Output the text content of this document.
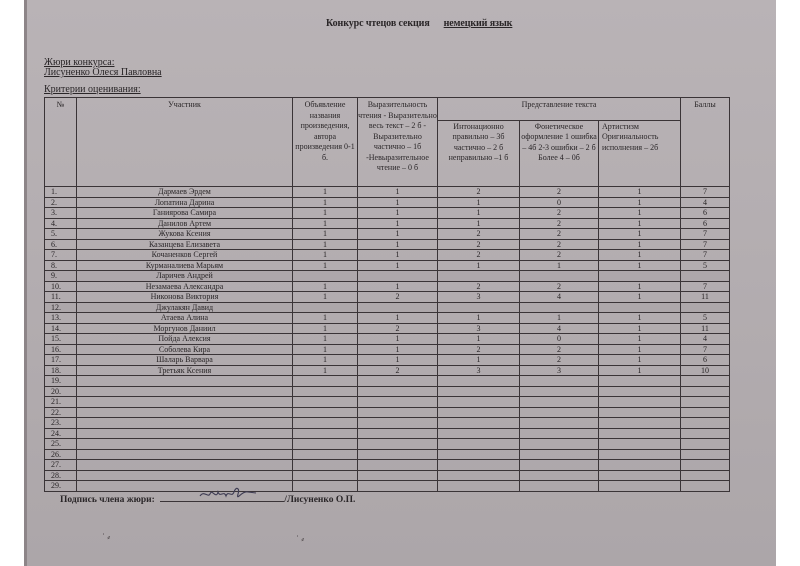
Конкурс чтецов секция немецкий язык
Жюри конкурса:
Лисуненко Олеся Павловна
Критерии оценивания:
№	Участник	Объявление названия произведения, автора произведения 0-1 б.	Выразительность чтения - Выразительно весь текст – 2 б - Выразительно частично – 1б -Невыразительное чтение – 0 б	Представление текста			Баллы
				Интонационно правильно – 3б частично – 2 б неправильно –1 б	Фонетическое оформление 1 ошибка – 4б 2-3 ошибки – 2 б Более 4 – 0б	Артистизм Оригинальность исполнения – 2б	
1.	Дармаев Эрдем	1	1	2	2	1	7
2.	Лопатина Дарина	1	1	1	0	1	4
3.	Ганиярова Самира	1	1	1	2	1	6
4.	Данилов Артем	1	1	1	2	1	6
5.	Жукова Ксения	1	1	2	2	1	7
6.	Казанцева Елизавета	1	1	2	2	1	7
7.	Кочаненков Сергей	1	1	2	2	1	7
8.	Курманалиева Марьям	1	1	1	1	1	5
9.	Ларичев Андрей						
10.	Незамаева Александра	1	1	2	2	1	7
11.	Никонова Виктория	1	2	3	4	1	11
12.	Джулакян Давид						
13.	Атаева Алина	1	1	1	1	1	5
14.	Моргунов Даниил	1	2	3	4	1	11
15.	Пойда Алексия	1	1	1	0	1	4
16.	Соболева Кира	1	1	2	2	1	7
17.	Шаларь Варвара	1	1	1	2	1	6
18.	Третьяк Ксения	1	2	3	3	1	10
19.							
20.							
21.							
22.							
23.							
24.							
25.							
26.							
27.							
28.							
29.							
Подпись члена жюри:	/Лисуненко О.П.
˙ ⸗	˙ ⸗
